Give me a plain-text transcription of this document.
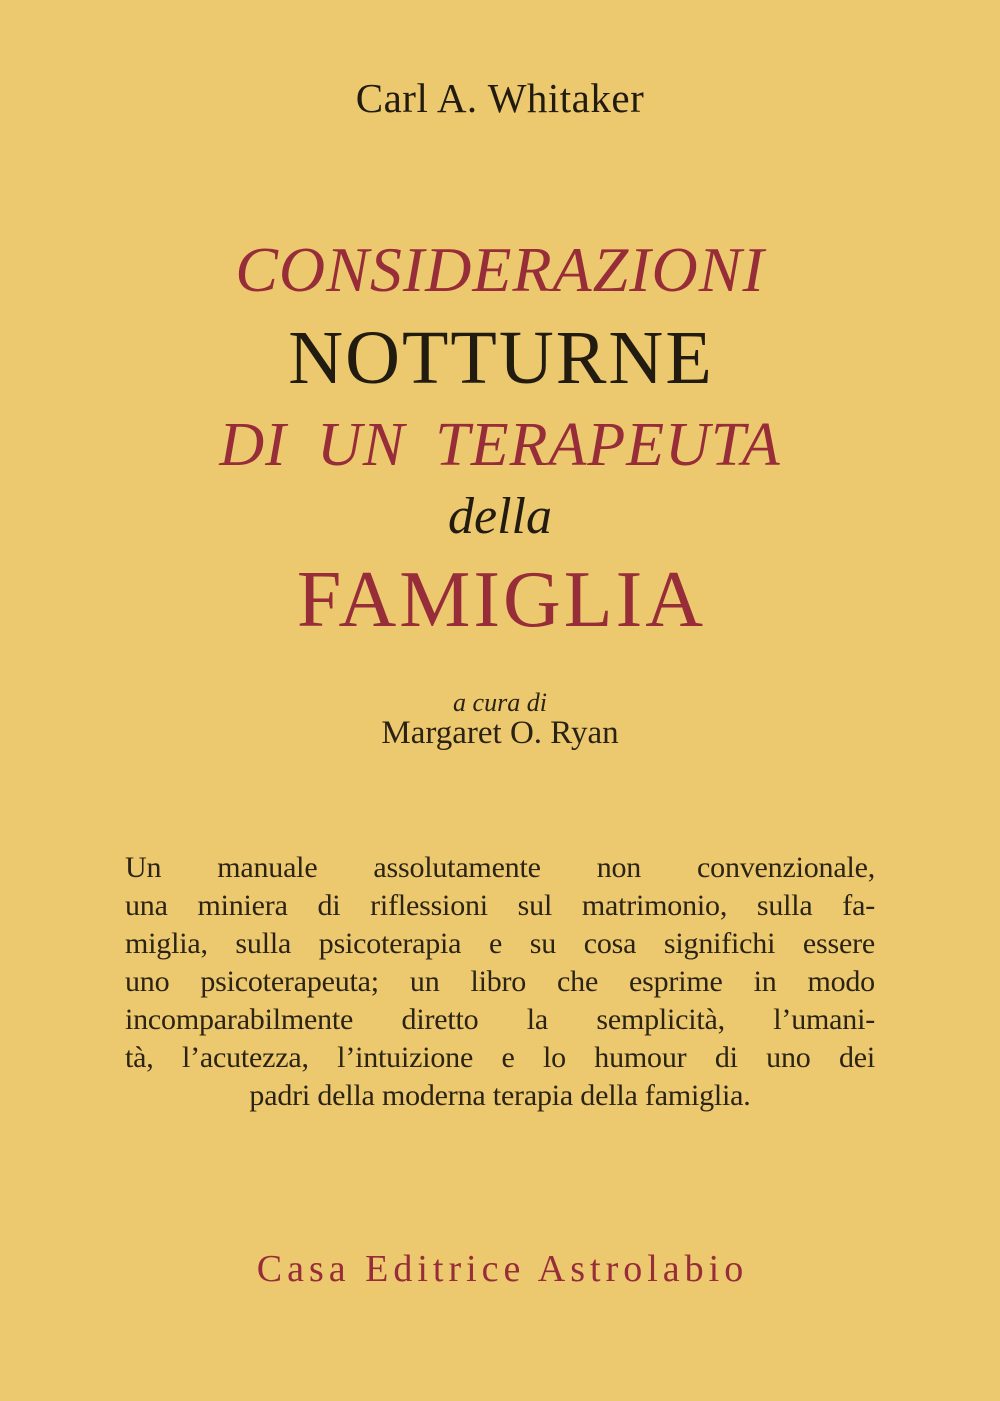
Carl A. Whitaker
CONSIDERAZIONI
NOTTURNE
DI UN TERAPEUTA
della
FAMIGLIA
a cura di
Margaret O. Ryan
Un manuale assolutamente non convenzionale,
una miniera di riflessioni sul matrimonio, sulla fa-
miglia, sulla psicoterapia e su cosa significhi essere
uno psicoterapeuta; un libro che esprime in modo
incomparabilmente diretto la semplicità, l’umani-
tà, l’acutezza, l’intuizione e lo humour di uno dei
padri della moderna terapia della famiglia.
Casa Editrice Astrolabio
